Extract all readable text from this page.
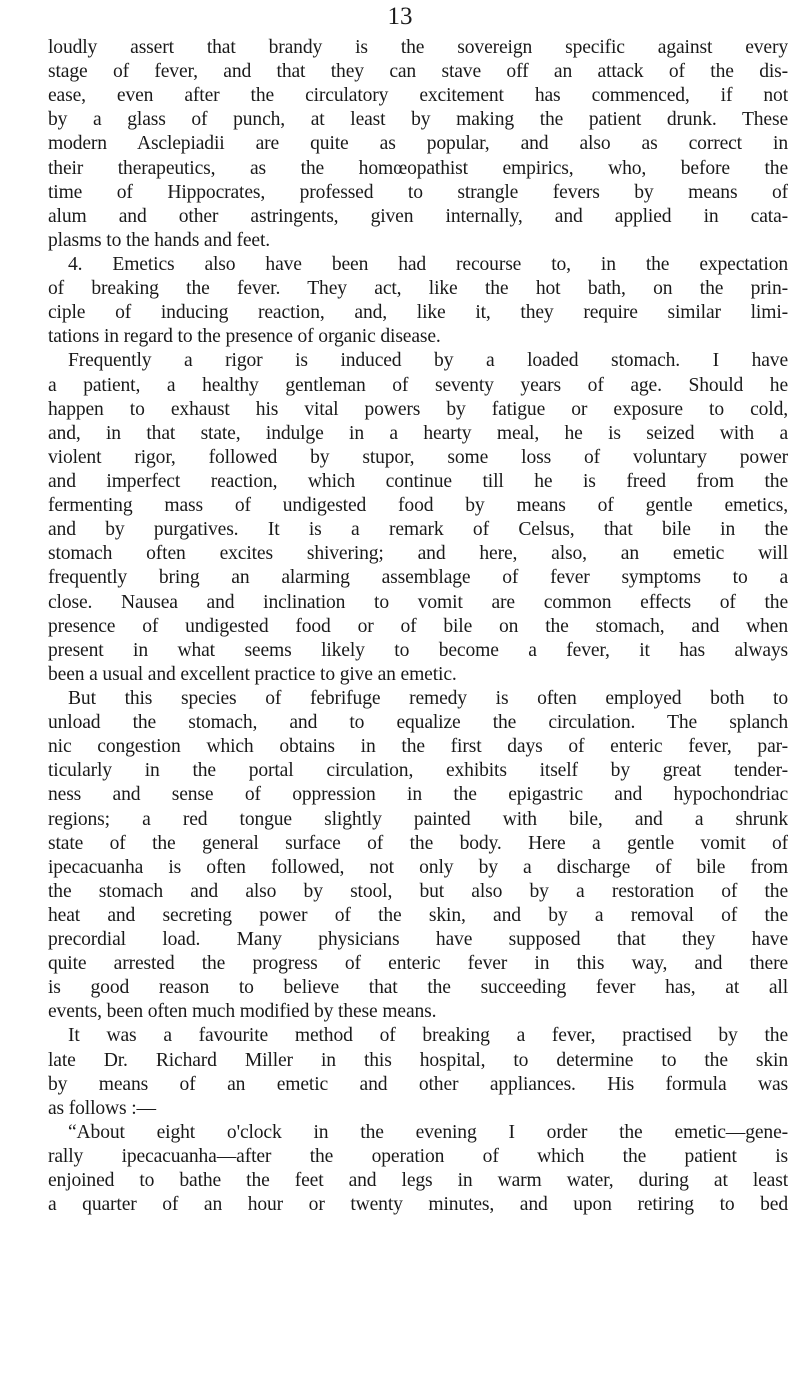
13
loudly assert that brandy is the sovereign specific against every
stage of fever, and that they can stave off an attack of the dis-
ease, even after the circulatory excitement has commenced, if not
by a glass of punch, at least by making the patient drunk. These
modern Asclepiadii are quite as popular, and also as correct in
their therapeutics, as the homœopathist empirics, who, before the
time of Hippocrates, professed to strangle fevers by means of
alum and other astringents, given internally, and applied in cata-
plasms to the hands and feet.
4. Emetics also have been had recourse to, in the expectation
of breaking the fever. They act, like the hot bath, on the prin-
ciple of inducing reaction, and, like it, they require similar limi-
tations in regard to the presence of organic disease.
Frequently a rigor is induced by a loaded stomach. I have
a patient, a healthy gentleman of seventy years of age. Should he
happen to exhaust his vital powers by fatigue or exposure to cold,
and, in that state, indulge in a hearty meal, he is seized with a
violent rigor, followed by stupor, some loss of voluntary power
and imperfect reaction, which continue till he is freed from the
fermenting mass of undigested food by means of gentle emetics,
and by purgatives. It is a remark of Celsus, that bile in the
stomach often excites shivering; and here, also, an emetic will
frequently bring an alarming assemblage of fever symptoms to a
close. Nausea and inclination to vomit are common effects of the
presence of undigested food or of bile on the stomach, and when
present in what seems likely to become a fever, it has always
been a usual and excellent practice to give an emetic.
But this species of febrifuge remedy is often employed both to
unload the stomach, and to equalize the circulation. The splanch
nic congestion which obtains in the first days of enteric fever, par-
ticularly in the portal circulation, exhibits itself by great tender-
ness and sense of oppression in the epigastric and hypochondriac
regions; a red tongue slightly painted with bile, and a shrunk
state of the general surface of the body. Here a gentle vomit of
ipecacuanha is often followed, not only by a discharge of bile from
the stomach and also by stool, but also by a restoration of the
heat and secreting power of the skin, and by a removal of the
precordial load. Many physicians have supposed that they have
quite arrested the progress of enteric fever in this way, and there
is good reason to believe that the succeeding fever has, at all
events, been often much modified by these means.
It was a favourite method of breaking a fever, practised by the
late Dr. Richard Miller in this hospital, to determine to the skin
by means of an emetic and other appliances. His formula was
as follows :—
“About eight o'clock in the evening I order the emetic—gene-
rally ipecacuanha—after the operation of which the patient is
enjoined to bathe the feet and legs in warm water, during at least
a quarter of an hour or twenty minutes, and upon retiring to bed
